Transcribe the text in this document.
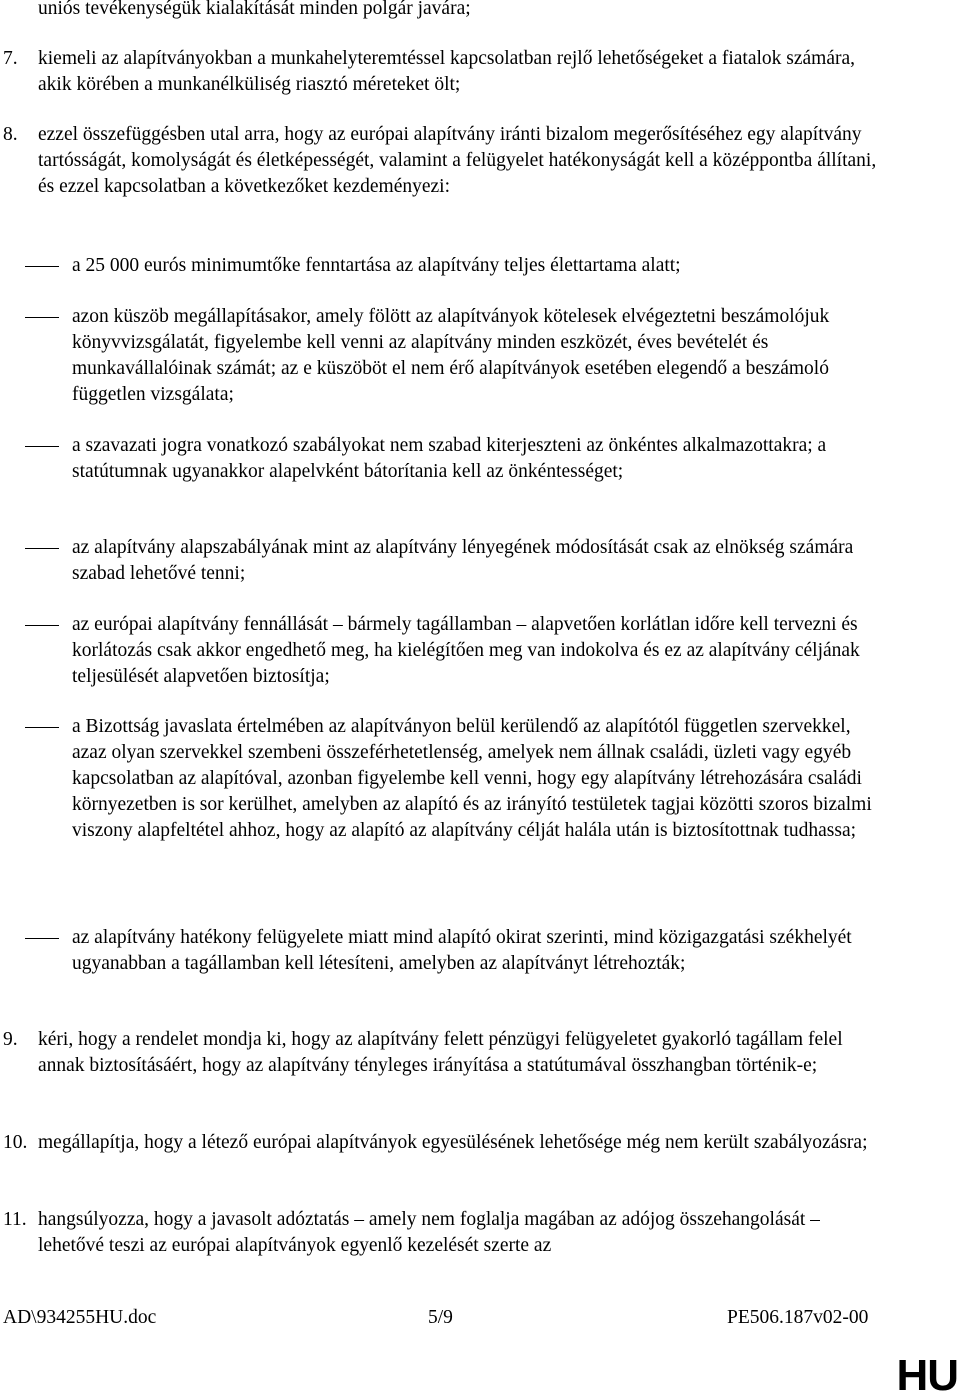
uniós tevékenységük kialakítását minden polgár javára;

7. kiemeli az alapítványokban a munkahelyteremtéssel kapcsolatban rejlő lehetőségeket a fiatalok számára, akik körében a munkanélküliség riasztó méreteket ölt;

8. ezzel összefüggésben utal arra, hogy az európai alapítvány iránti bizalom megerősítéséhez egy alapítvány tartósságát, komolyságát és életképességét, valamint a felügyelet hatékonyságát kell a középpontba állítani, és ezzel kapcsolatban a következőket kezdeményezi:

a 25 000 eurós minimumtőke fenntartása az alapítvány teljes élettartama alatt;

azon küszöb megállapításakor, amely fölött az alapítványok kötelesek elvégeztetni beszámolójuk könyvvizsgálatát, figyelembe kell venni az alapítvány minden eszközét, éves bevételét és munkavállalóinak számát; az e küszöböt el nem érő alapítványok esetében elegendő a beszámoló független vizsgálata;

a szavazati jogra vonatkozó szabályokat nem szabad kiterjeszteni az önkéntes alkalmazottakra; a statútumnak ugyanakkor alapelvként bátorítania kell az önkéntességet;

az alapítvány alapszabályának mint az alapítvány lényegének módosítását csak az elnökség számára szabad lehetővé tenni;

az európai alapítvány fennállását – bármely tagállamban – alapvetően korlátlan időre kell tervezni és korlátozás csak akkor engedhető meg, ha kielégítően meg van indokolva és ez az alapítvány céljának teljesülését alapvetően biztosítja;

a Bizottság javaslata értelmében az alapítványon belül kerülendő az alapítótól független szervekkel, azaz olyan szervekkel szembeni összeférhetetlenség, amelyek nem állnak családi, üzleti vagy egyéb kapcsolatban az alapítóval, azonban figyelembe kell venni, hogy egy alapítvány létrehozására családi környezetben is sor kerülhet, amelyben az alapító és az irányító testületek tagjai közötti szoros bizalmi viszony alapfeltétel ahhoz, hogy az alapító az alapítvány célját halála után is biztosítottnak tudhassa;

az alapítvány hatékony felügyelete miatt mind alapító okirat szerinti, mind közigazgatási székhelyét ugyanabban a tagállamban kell létesíteni, amelyben az alapítványt létrehozták;

9. kéri, hogy a rendelet mondja ki, hogy az alapítvány felett pénzügyi felügyeletet gyakorló tagállam felel annak biztosításáért, hogy az alapítvány tényleges irányítása a statútumával összhangban történik-e;

10. megállapítja, hogy a létező európai alapítványok egyesülésének lehetősége még nem került szabályozásra;

11. hangsúlyozza, hogy a javasolt adóztatás – amely nem foglalja magában az adójog összehangolását – lehetővé teszi az európai alapítványok egyenlő kezelését szerte az

AD\934255HU.doc	5/9	PE506.187v02-00
HU
